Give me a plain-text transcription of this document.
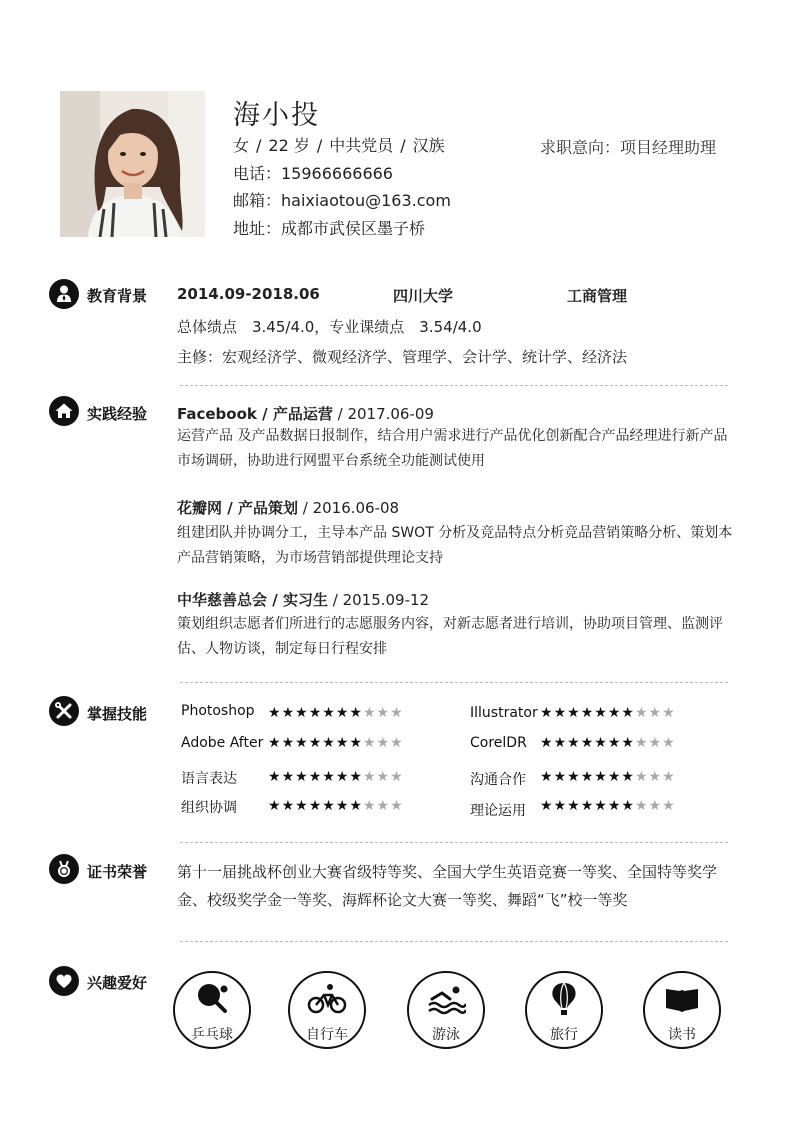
海小投
女 / 22 岁 / 中共党员 / 汉族
电话：15966666666
邮箱：haixiaotou@163.com
地址：成都市武侯区墨子桥
求职意向：项目经理助理
教育背景 2014.09-2018.06	四川大学	工商管理
总体绩点　3.45/4.0，专业课绩点　3.54/4.0
主修：宏观经济学、微观经济学、管理学、会计学、统计学、经济法
实践经验 Facebook / 产品运营 / 2017.06-09
运营产品 及产品数据日报制作，结合用户需求进行产品优化创新配合产品经理进行新产品市场调研，协助进行网盟平台系统全功能测试使用
花瓣网 / 产品策划 / 2016.06-08
组建团队并协调分工，主导本产品 SWOT 分析及竞品特点分析竞品营销策略分析、策划本产品营销策略，为市场营销部提供理论支持
中华慈善总会 / 实习生 / 2015.09-12
策划组织志愿者们所进行的志愿服务内容，对新志愿者进行培训，协助项目管理、监测评估、人物访谈，制定每日行程安排
掌握技能 Photoshop ★★★★★★★★★★	Illustrator ★★★★★★★★★★
Adobe After ★★★★★★★★★★	CorelDR ★★★★★★★★★★
语言表达 ★★★★★★★★★★	沟通合作 ★★★★★★★★★★
组织协调 ★★★★★★★★★★	理论运用 ★★★★★★★★★★
证书荣誉 第十一届挑战杯创业大赛省级特等奖、全国大学生英语竞赛一等奖、全国特等奖学金、校级奖学金一等奖、海辉杯论文大赛一等奖、舞蹈“飞”校一等奖
兴趣爱好
乒乓球	自行车	游泳	旅行	读书
